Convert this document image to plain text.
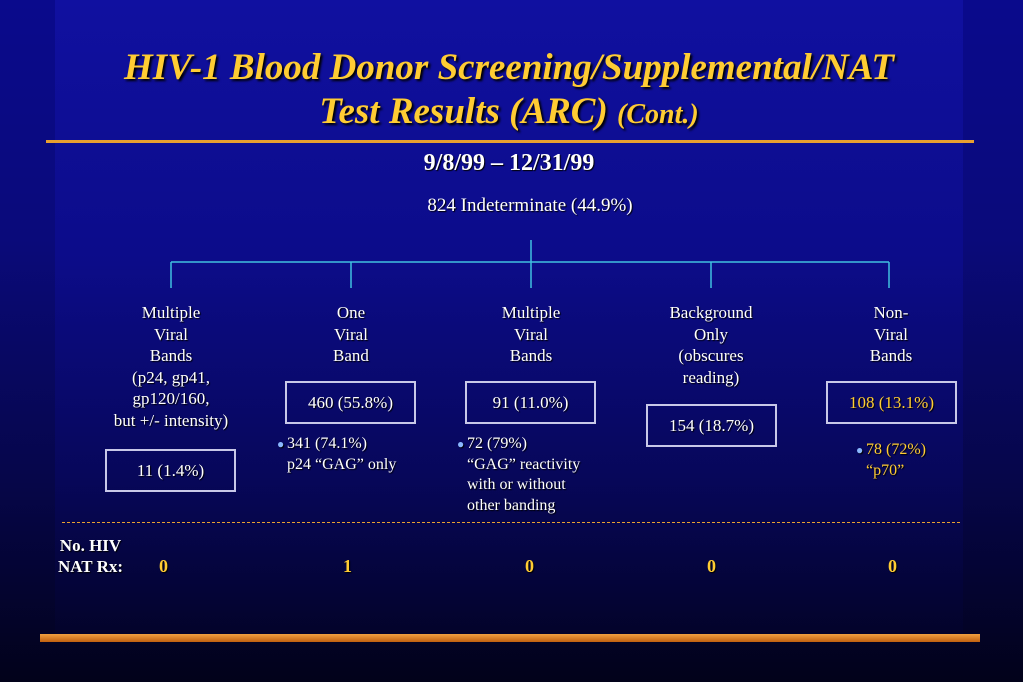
HIV-1 Blood Donor Screening/Supplemental/NAT
Test Results (ARC) (Cont.)
9/8/99 – 12/31/99
824 Indeterminate (44.9%)
Multiple
Viral
Bands
(p24, gp41,
gp120/160,
but +/- intensity)
11 (1.4%)
One
Viral
Band
460 (55.8%)
● 341 (74.1%)
p24 “GAG” only
Multiple
Viral
Bands
91 (11.0%)
● 72 (79%)
“GAG” reactivity
with or without
other banding
Background
Only
(obscures
reading)
154 (18.7%)
Non-
Viral
Bands
108 (13.1%)
● 78 (72%)
“p70”
No. HIV
NAT Rx: 0	1	0	0	0
